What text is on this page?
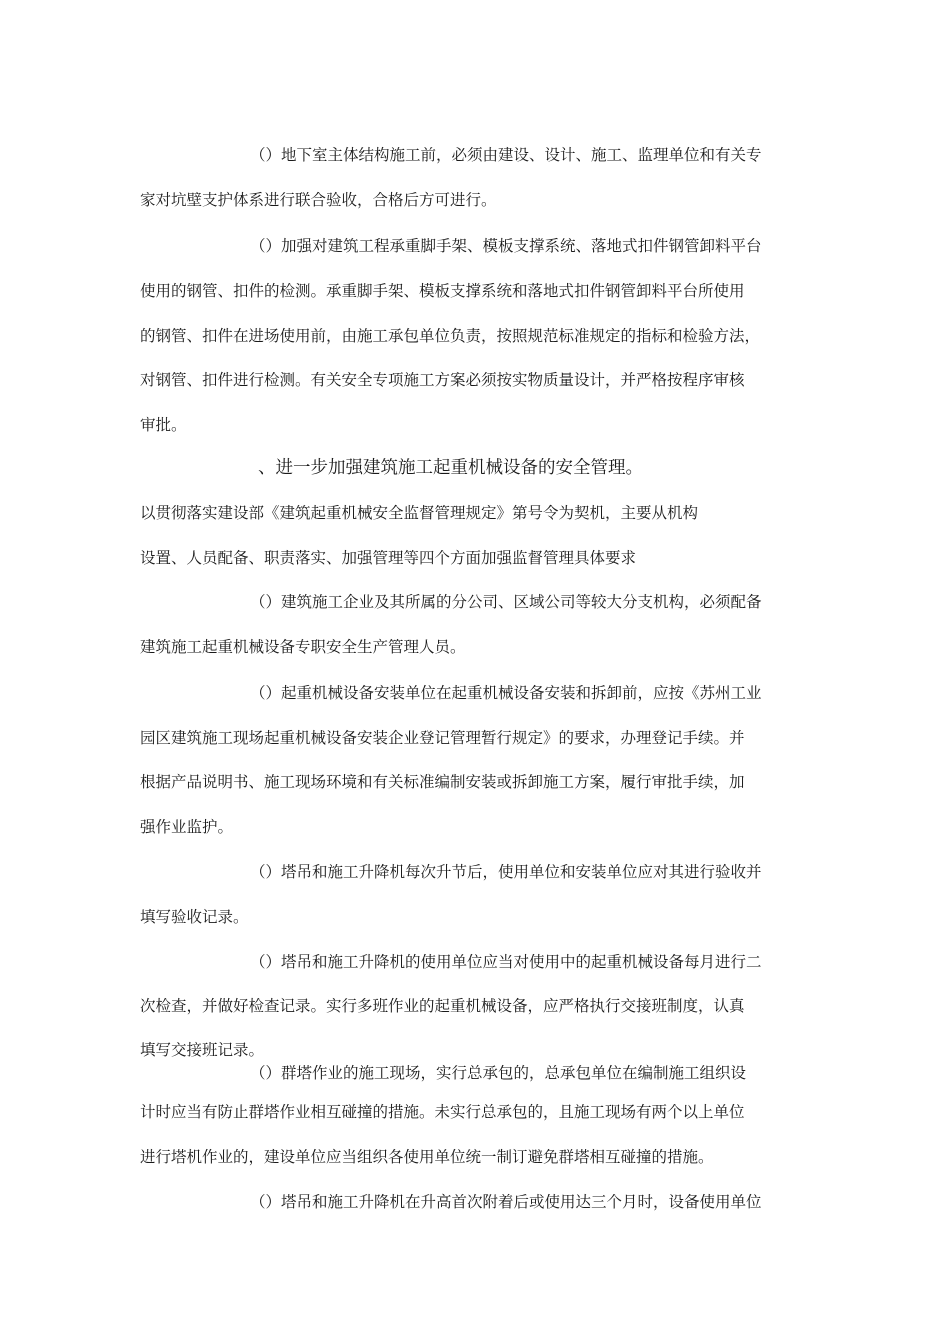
（）地下室主体结构施工前，必须由建设、设计、施工、监理单位和有关专
家对坑壁支护体系进行联合验收，合格后方可进行。
（）加强对建筑工程承重脚手架、模板支撑系统、落地式扣件钢管卸料平台
使用的钢管、扣件的检测。承重脚手架、模板支撑系统和落地式扣件钢管卸料平台所使用
的钢管、扣件在进场使用前，由施工承包单位负责，按照规范标准规定的指标和检验方法，
对钢管、扣件进行检测。有关安全专项施工方案必须按实物质量设计，并严格按程序审核
审批。
、进一步加强建筑施工起重机械设备的安全管理。
以贯彻落实建设部《建筑起重机械安全监督管理规定》第号令为契机，主要从机构
设置、人员配备、职责落实、加强管理等四个方面加强监督管理具体要求
（）建筑施工企业及其所属的分公司、区域公司等较大分支机构，必须配备
建筑施工起重机械设备专职安全生产管理人员。
（）起重机械设备安装单位在起重机械设备安装和拆卸前，应按《苏州工业
园区建筑施工现场起重机械设备安装企业登记管理暂行规定》的要求，办理登记手续。并
根据产品说明书、施工现场环境和有关标准编制安装或拆卸施工方案，履行审批手续，加
强作业监护。
（）塔吊和施工升降机每次升节后，使用单位和安装单位应对其进行验收并
填写验收记录。
（）塔吊和施工升降机的使用单位应当对使用中的起重机械设备每月进行二
次检查，并做好检查记录。实行多班作业的起重机械设备，应严格执行交接班制度，认真
填写交接班记录。
（）群塔作业的施工现场，实行总承包的，总承包单位在编制施工组织设
计时应当有防止群塔作业相互碰撞的措施。未实行总承包的，且施工现场有两个以上单位
进行塔机作业的，建设单位应当组织各使用单位统一制订避免群塔相互碰撞的措施。
（）塔吊和施工升降机在升高首次附着后或使用达三个月时，设备使用单位
